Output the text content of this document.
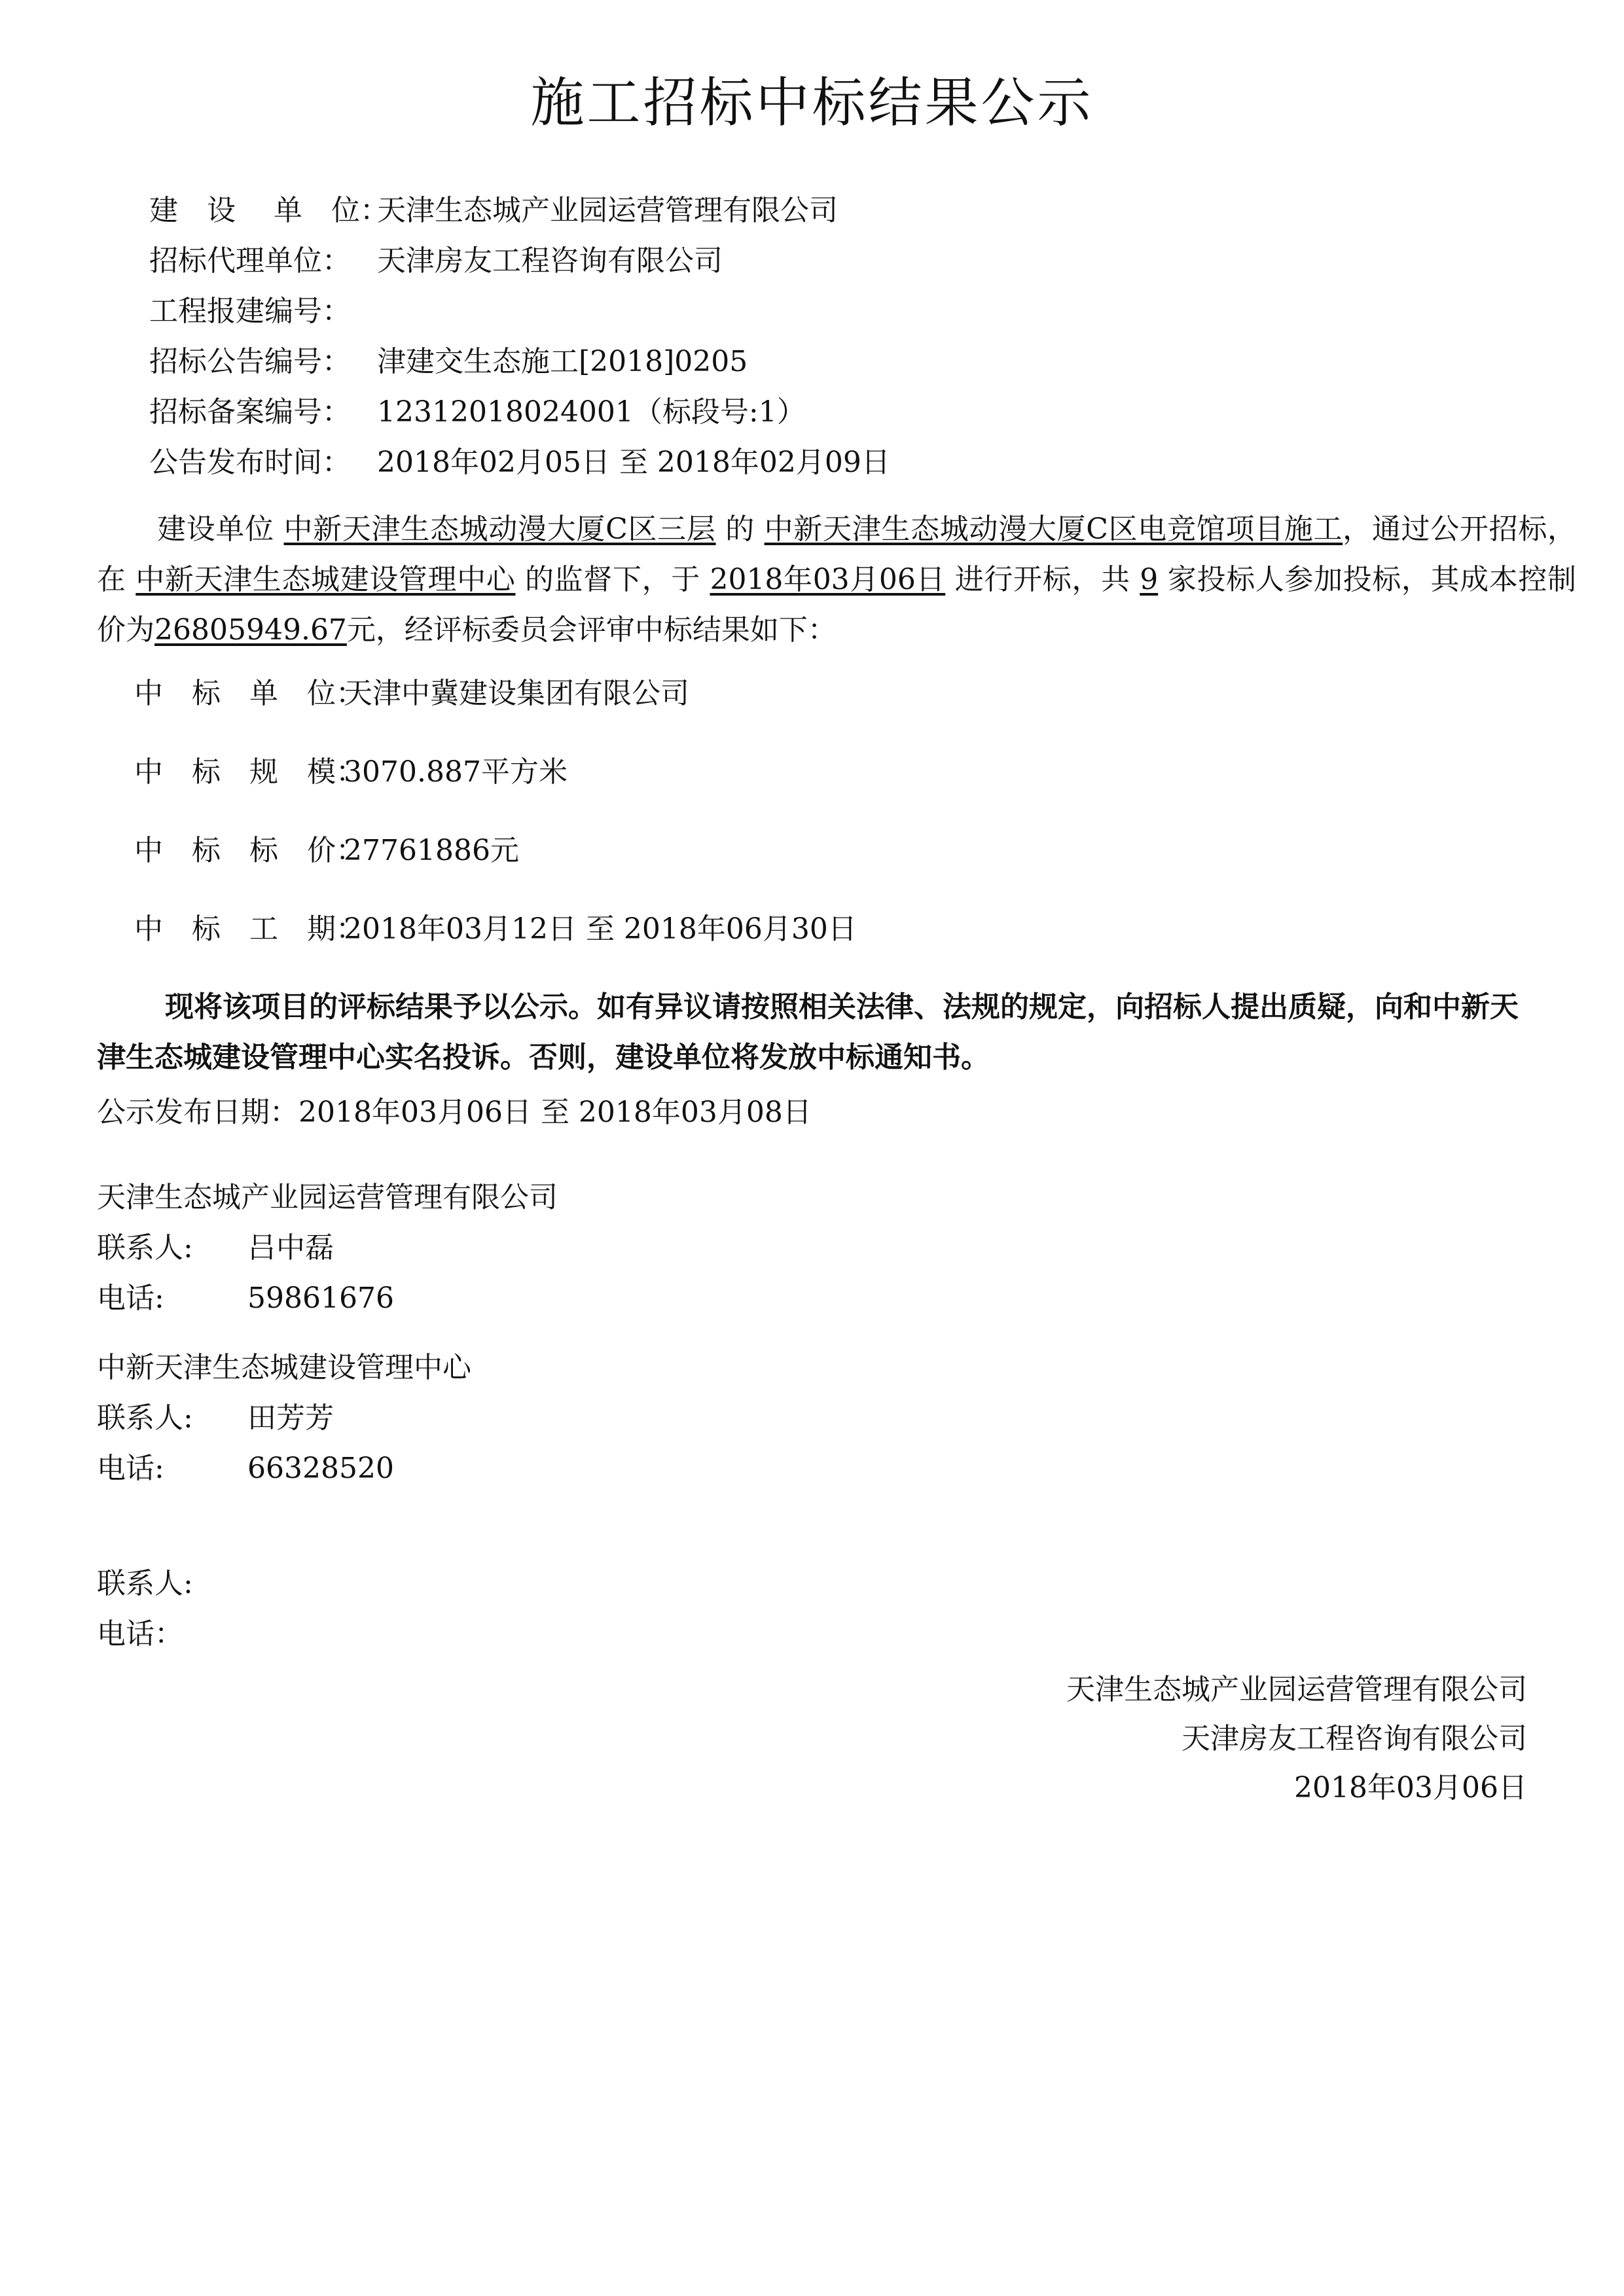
施工招标中标结果公示
建　设　 单　位：
天津生态城产业园运营管理有限公司
招标代理单位： 天津房友工程咨询有限公司
工程报建编号：
招标公告编号： 津建交生态施工[2018]0205
招标备案编号： 12312018024001（标段号:1）
公告发布时间： 2018年02月05日 至 2018年02月09日
建设单位 中新天津生态城动漫大厦C区三层 的 中新天津生态城动漫大厦C区电竞馆项目施工，通过公开招标，在 中新天津生态城建设管理中心 的监督下，于 2018年03月06日 进行开标，共 9 家投标人参加投标，其成本控制价为26805949.67元，经评标委员会评审中标结果如下：
中　标　单　位：
天津中冀建设集团有限公司
中　标　规　模：
3070.887平方米
中　标　标　价：
27761886元
中　标　工　期：
2018年03月12日 至 2018年06月30日
现将该项目的评标结果予以公示。如有异议请按照相关法律、法规的规定，向招标人提出质疑，向和中新天津生态城建设管理中心实名投诉。否则，建设单位将发放中标通知书。
公示发布日期：2018年03月06日 至 2018年03月08日
天津生态城产业园运营管理有限公司
联系人:	吕中磊
电话:	59861676
中新天津生态城建设管理中心
联系人:	田芳芳
电话:	66328520
联系人:
电话：
天津生态城产业园运营管理有限公司
天津房友工程咨询有限公司
2018年03月06日
